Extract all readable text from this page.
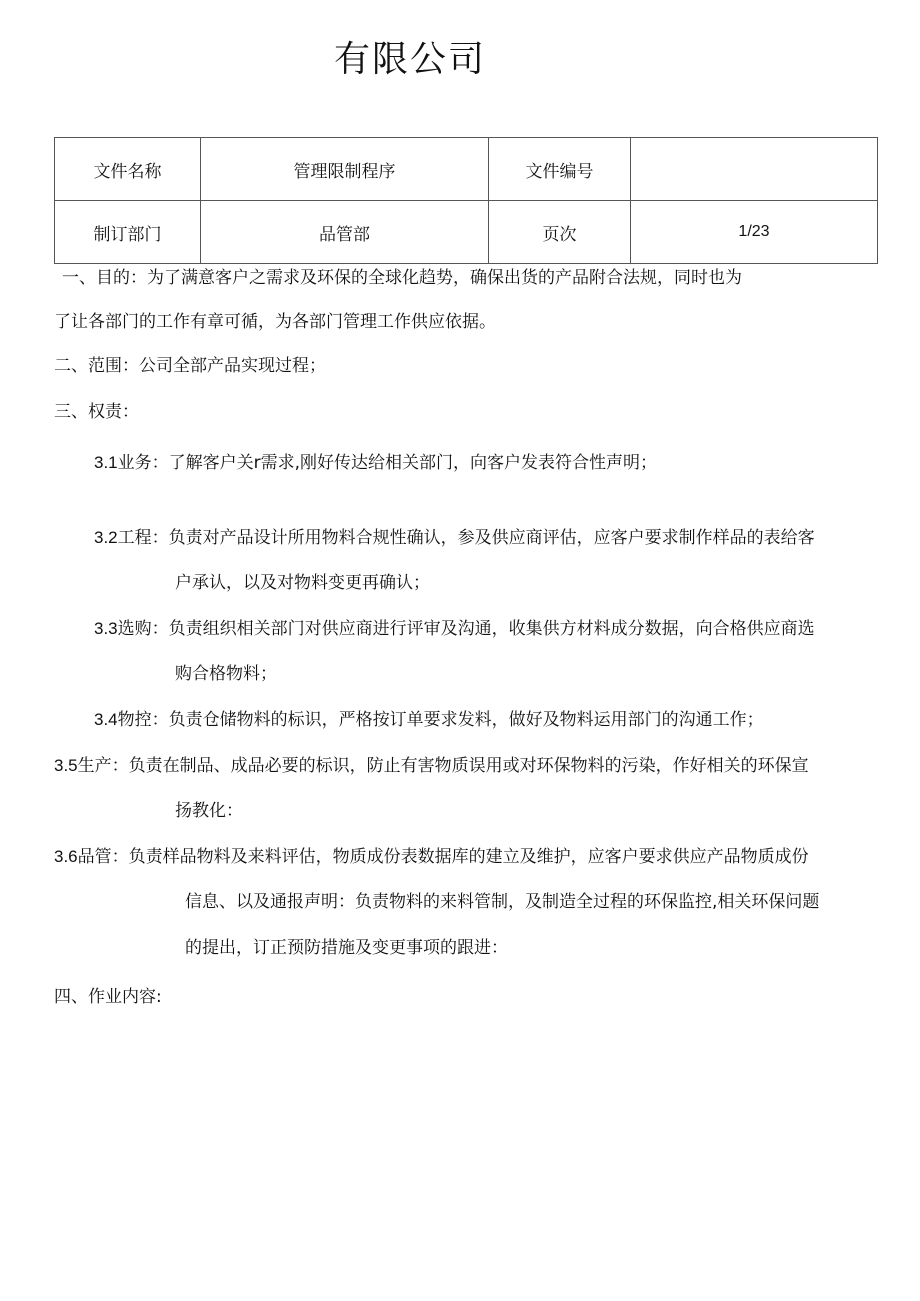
有限公司
文件名称	管理限制程序	文件编号	
制订部门	品管部	页次	1/23
一、目的：为了满意客户之需求及环保的全球化趋势，确保出货的产品附合法规，同时也为
了让各部门的工作有章可循，为各部门管理工作供应依据。
二、范围：公司全部产品实现过程；
三、权责：
3.1业务：了解客户关r需求,刚好传达给相关部门，向客户发表符合性声明；
3.2工程：负责对产品设计所用物料合规性确认，参及供应商评估，应客户要求制作样品的表给客
户承认，以及对物料变更再确认；
3.3选购：负责组织相关部门对供应商进行评审及沟通，收集供方材料成分数据，向合格供应商选
购合格物料；
3.4物控：负责仓储物料的标识，严格按订单要求发料，做好及物料运用部门的沟通工作；
3.5生产：负责在制品、成品必要的标识，防止有害物质误用或对环保物料的污染，作好相关的环保宣
扬教化：
3.6品管：负责样品物料及来料评估，物质成份表数据库的建立及维护，应客户要求供应产品物质成份
信息、以及通报声明：负责物料的来料管制，及制造全过程的环保监控,相关环保问题
的提出，订正预防措施及变更事项的跟进：
四、作业内容:
